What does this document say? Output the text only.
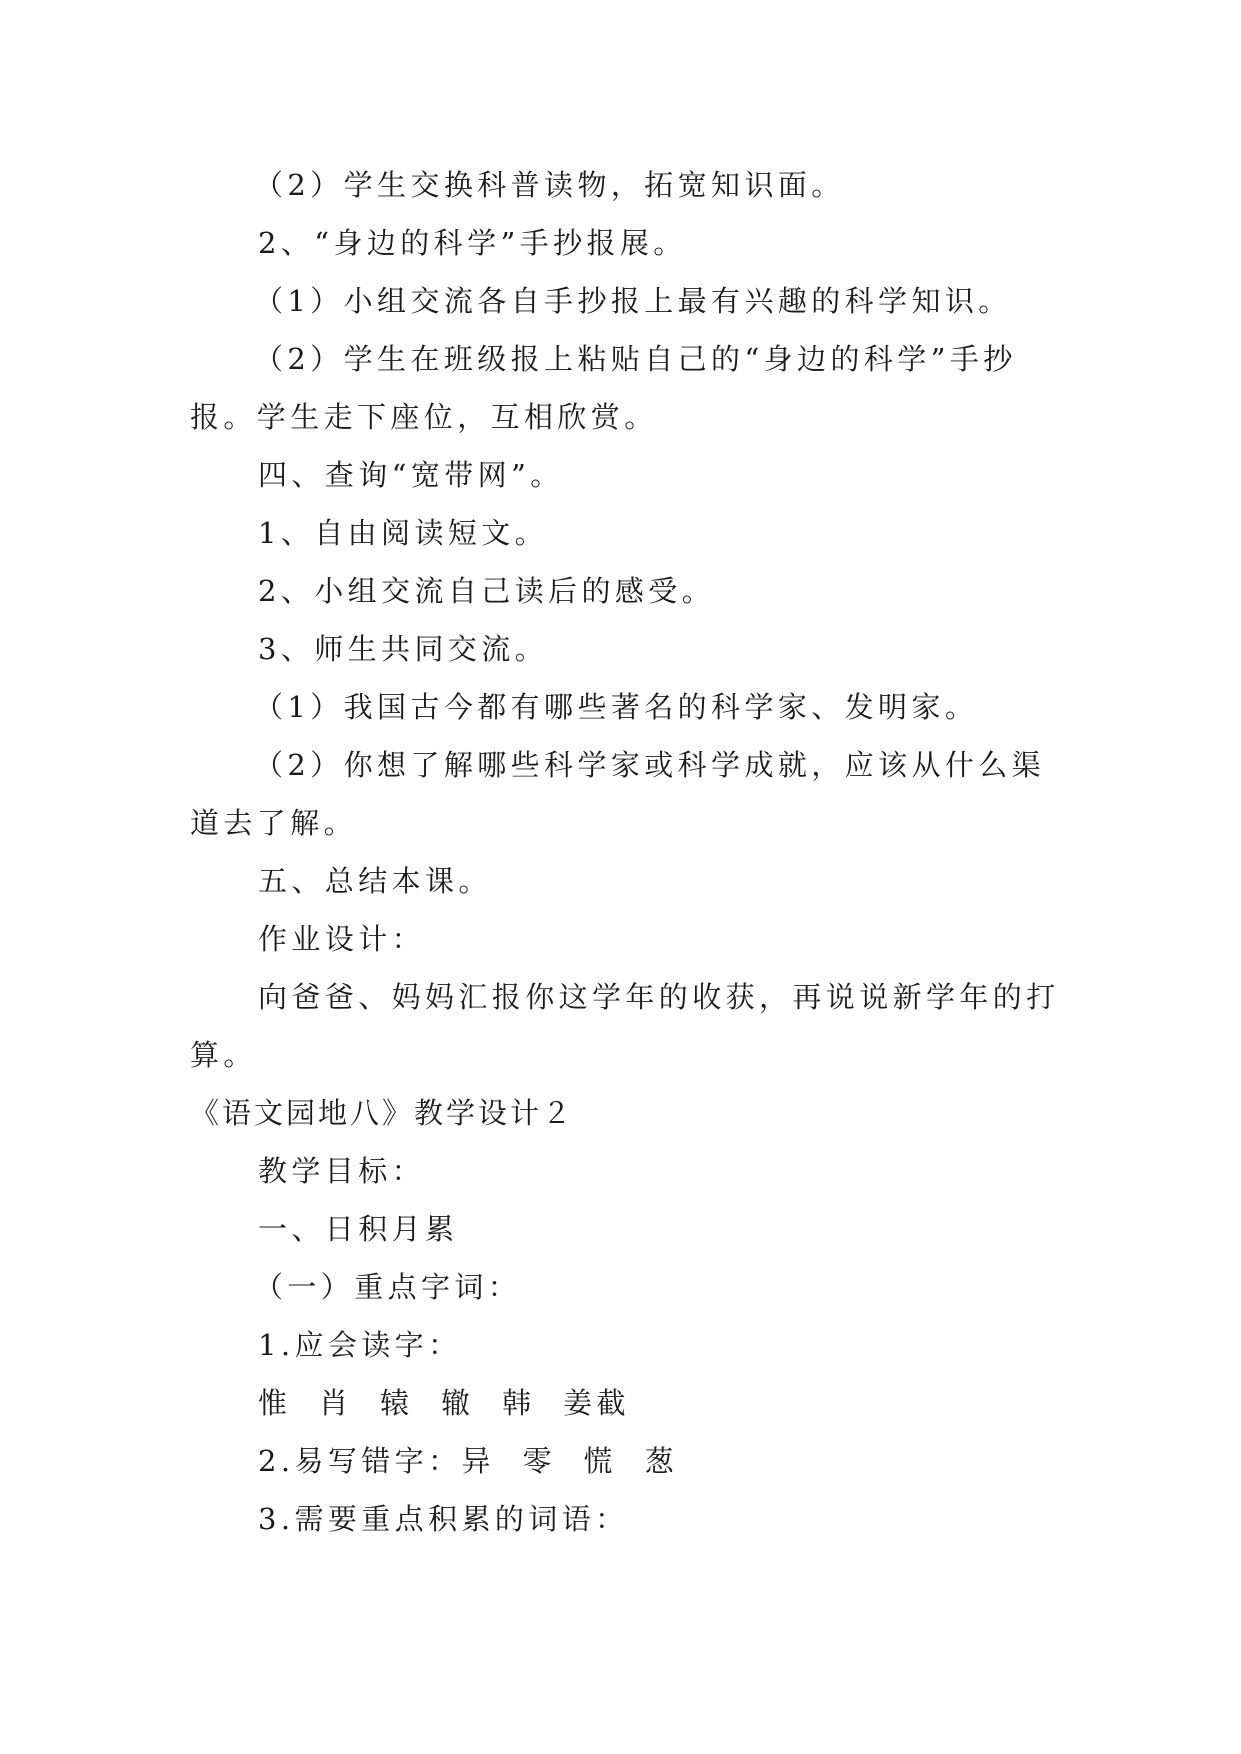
（2）学生交换科普读物，拓宽知识面。
2、“身边的科学”手抄报展。
（1）小组交流各自手抄报上最有兴趣的科学知识。
（2）学生在班级报上粘贴自己的“身边的科学”手抄
报。学生走下座位，互相欣赏。
四、查询“宽带网”。
1、自由阅读短文。
2、小组交流自己读后的感受。
3、师生共同交流。
（1）我国古今都有哪些著名的科学家、发明家。
（2）你想了解哪些科学家或科学成就，应该从什么渠
道去了解。
五、总结本课。
作业设计：
向爸爸、妈妈汇报你这学年的收获，再说说新学年的打
算。
《语文园地八》教学设计２
教学目标：
一、日积月累
（一）重点字词：
1.应会读字：
惟 肖 辕 辙 韩 姜截
2.易写错字：异 零 慌 葱
3.需要重点积累的词语：
